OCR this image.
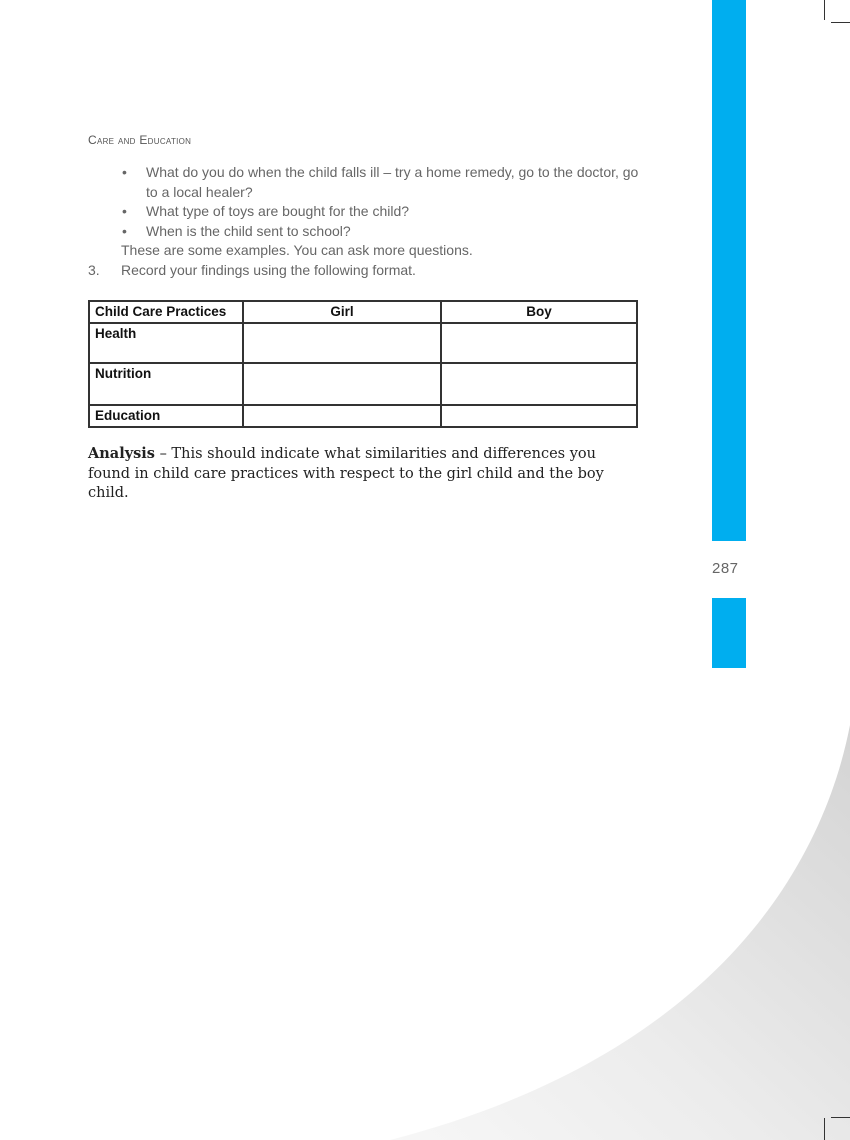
Care and Education
• What do you do when the child falls ill – try a home remedy, go to the doctor, go to a local healer?
• What type of toys are bought for the child?
• When is the child sent to school?
These are some examples. You can ask more questions.
3. Record your findings using the following format.
Child Care Practices	Girl	Boy
Health		
Nutrition		
Education		
Analysis – This should indicate what similarities and differences you found in child care practices with respect to the girl child and the boy child.
287
